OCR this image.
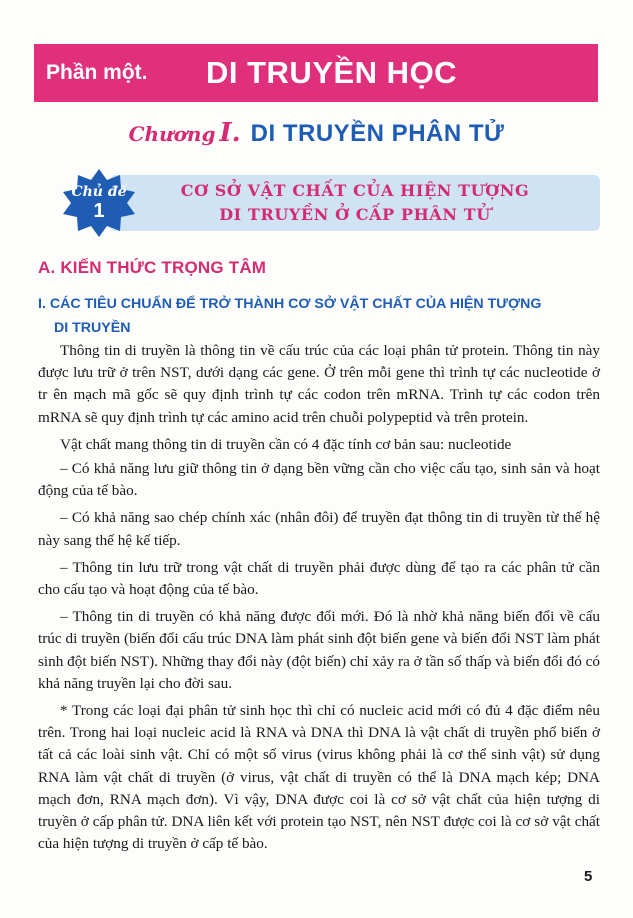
Phần một.	DI TRUYỀN HỌC
Chương I. DI TRUYỀN PHÂN TỬ
CƠ SỞ VẬT CHẤT CỦA HIỆN TƯỢNG
DI TRUYỀN Ở CẤP PHÂN TỬ
Chủ đề
1
A. KIẾN THỨC TRỌNG TÂM
I. CÁC TIÊU CHUẨN ĐỂ TRỞ THÀNH CƠ SỞ VẬT CHẤT CỦA HIỆN TƯỢNG
DI TRUYỀN

Thông tin di truyền là thông tin về cấu trúc của các loại phân tử protein. Thông tin này được lưu trữ ở trên NST, dưới dạng các gene. Ở trên mỗi gene thì trình tự các nucleotide ở tr ên mạch mã gốc sẽ quy định trình tự các codon trên mRNA. Trình tự các codon trên mRNA sẽ quy định trình tự các amino acid trên chuỗi polypeptid và trên protein.

Vật chất mang thông tin di truyền cần có 4 đặc tính cơ bản sau: nucleotide

– Có khả năng lưu giữ thông tin ở dạng bền vững cần cho việc cấu tạo, sinh sản và hoạt động của tế bào.

– Có khả năng sao chép chính xác (nhân đôi) để truyền đạt thông tin di truyền từ thế hệ này sang thế hệ kế tiếp.

– Thông tin lưu trữ trong vật chất di truyền phải được dùng để tạo ra các phân tử cần cho cấu tạo và hoạt động của tế bào.

– Thông tin di truyền có khả năng được đổi mới. Đó là nhờ khả năng biến đổi về cấu trúc di truyền (biến đổi cấu trúc DNA làm phát sinh đột biến gene và biến đổi NST làm phát sinh đột biến NST). Những thay đổi này (đột biến) chỉ xảy ra ở tần số thấp và biến đổi đó có khả năng truyền lại cho đời sau.

* Trong các loại đại phân tử sinh học thì chỉ có nucleic acid mới có đủ 4 đặc điểm nêu trên. Trong hai loại nucleic acid là RNA và DNA thì DNA là vật chất di truyền phổ biến ở tất cả các loài sinh vật. Chỉ có một số virus (virus không phải là cơ thể sinh vật) sử dụng RNA làm vật chất di truyền (ở virus, vật chất di truyền có thể là DNA mạch kép; DNA mạch đơn, RNA mạch đơn). Vì vậy, DNA được coi là cơ sở vật chất của hiện tượng di truyền ở cấp phân tử. DNA liên kết với protein tạo NST, nên NST được coi là cơ sở vật chất của hiện tượng di truyền ở cấp tế bào.

5
